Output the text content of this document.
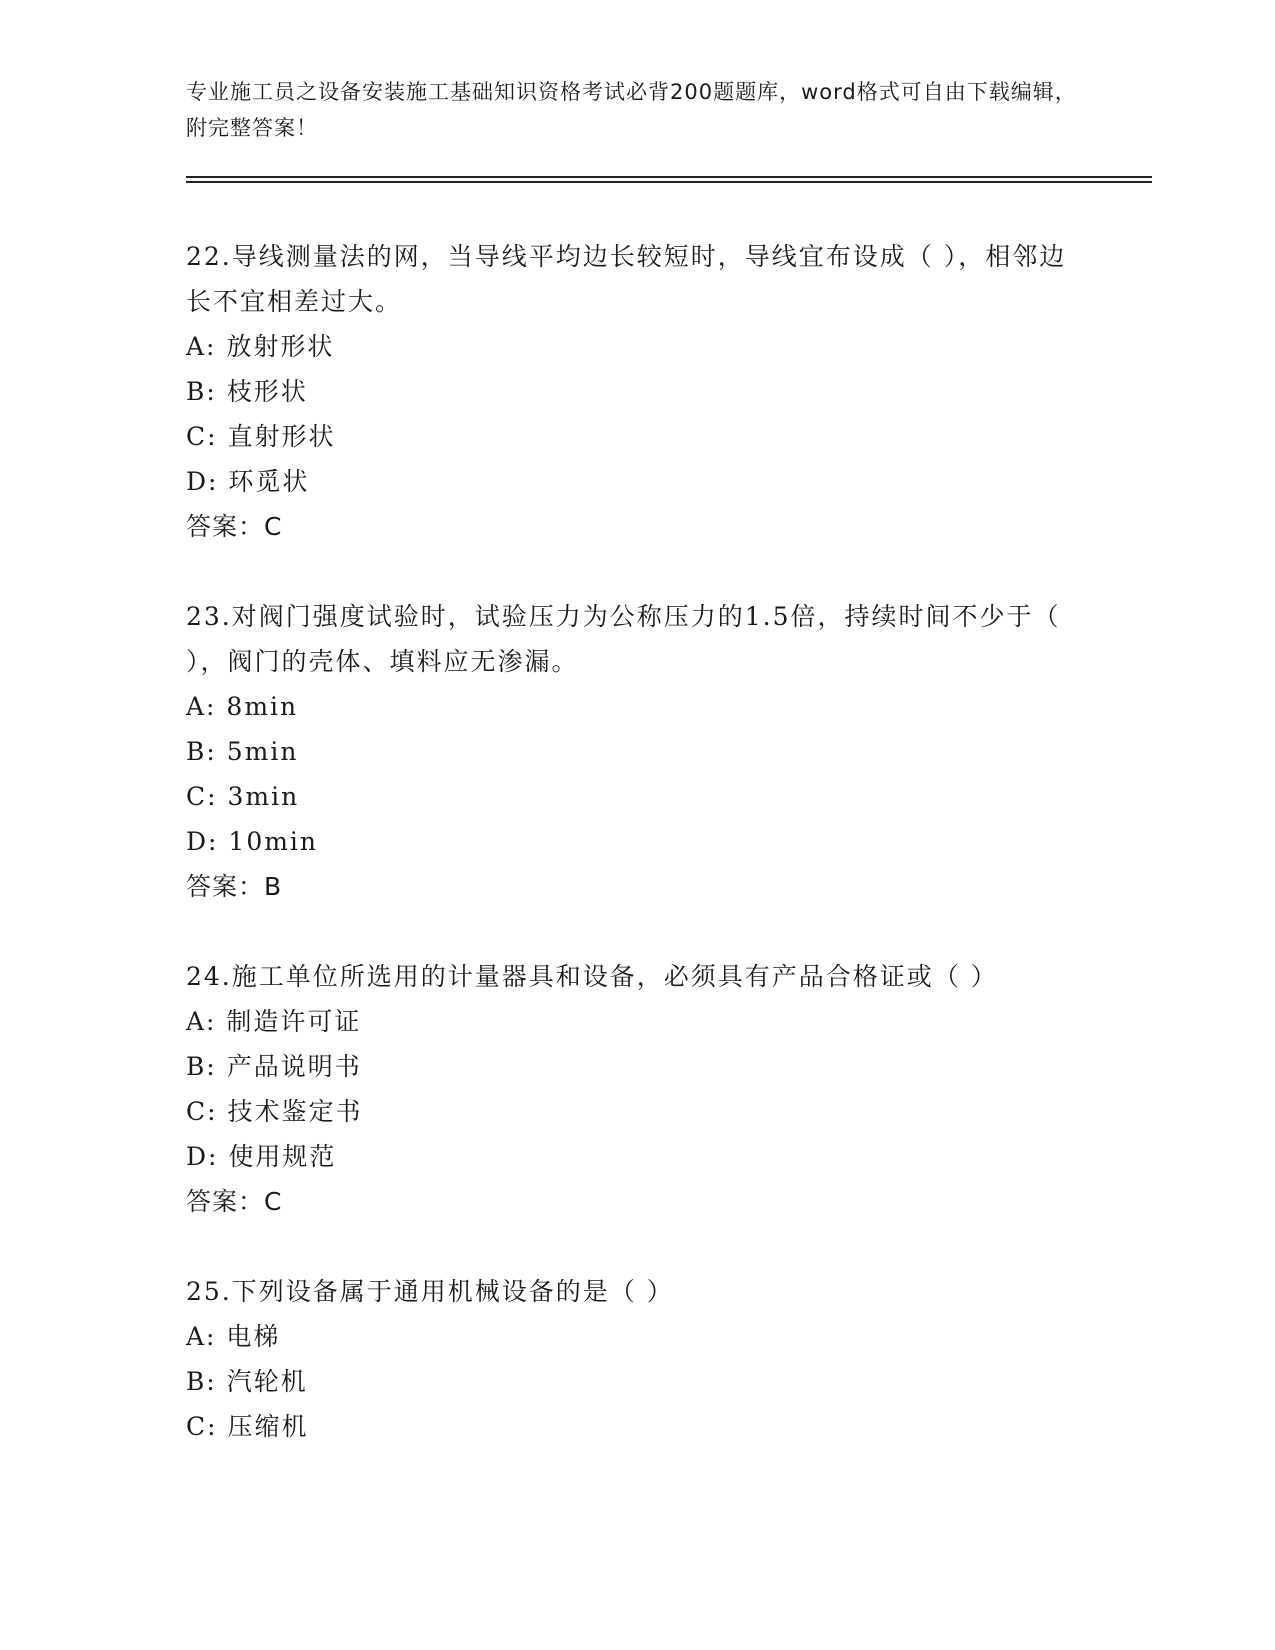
专业施工员之设备安装施工基础知识资格考试必背200题题库，word格式可自由下载编辑，附完整答案！

22.导线测量法的网，当导线平均边长较短时，导线宜布设成（ ），相邻边长不宜相差过大。

A: 放射形状

B: 枝形状

C: 直射形状

D: 环觅状

答案：C

23.对阀门强度试验时，试验压力为公称压力的1.5倍，持续时间不少于（ ），阀门的壳体、填料应无渗漏。

A: 8min

B: 5min

C: 3min

D: 10min

答案：B

24.施工单位所选用的计量器具和设备，必须具有产品合格证或（ ）

A: 制造许可证

B: 产品说明书

C: 技术鉴定书

D: 使用规范

答案：C

25.下列设备属于通用机械设备的是（ ）

A: 电梯

B: 汽轮机

C: 压缩机
